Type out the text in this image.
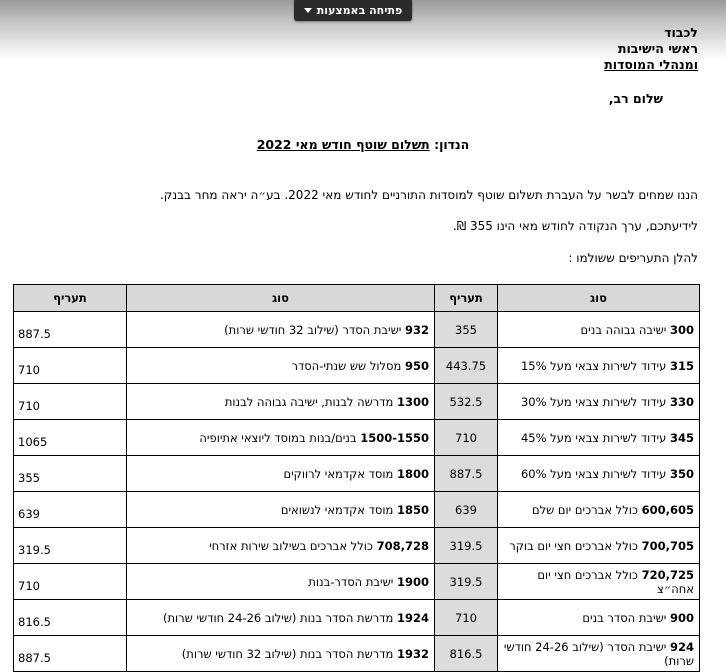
פתיחה באמצעות
לכבוד
ראשי הישיבות
ומנהלי המוסדות
שלום רב,
הנדון: תשלום שוטף חודש מאי 2022
הננו שמחים לבשר על העברת תשלום שוטף למוסדות התורניים לחודש מאי 2022. בע״ה יראה מחר בבנק.
לידיעתכם, ערך הנקודה לחודש מאי הינו 355 ₪.
להלן התעריפים ששולמו :
סוג	תעריף	סוג	תעריף
300 ישיבה גבוהה בנים	355	932 ישיבת הסדר (שילוב 32 חודשי שרות)	887.5
315 עידוד לשירות צבאי מעל 15%	443.75	950 מסלול שש שנתי-הסדר	710
330 עידוד לשירות צבאי מעל 30%	532.5	1300 מדרשה לבנות, ישיבה גבוהה לבנות	710
345 עידוד לשירות צבאי מעל 45%	710	1500-1550 בנים/בנות במוסד ליוצאי אתיופיה	1065
350 עידוד לשירות צבאי מעל 60%	887.5	1800 מוסד אקדמאי לרווקים	355
600,605 כולל אברכים יום שלם	639	1850 מוסד אקדמאי לנשואים	639
700,705 כולל אברכים חצי יום בוקר	319.5	708,728 כולל אברכים בשילוב שירות אזרחי	319.5
720,725 כולל אברכים חצי יום אחה״צ	319.5	1900 ישיבת הסדר-בנות	710
900 ישיבת הסדר בנים	710	1924 מדרשת הסדר בנות (שילוב 24-26 חודשי שרות)	816.5
924 ישיבת הסדר (שילוב 24-26 חודשי שרות)	816.5	1932 מדרשת הסדר בנות (שילוב 32 חודשי שרות)	887.5
